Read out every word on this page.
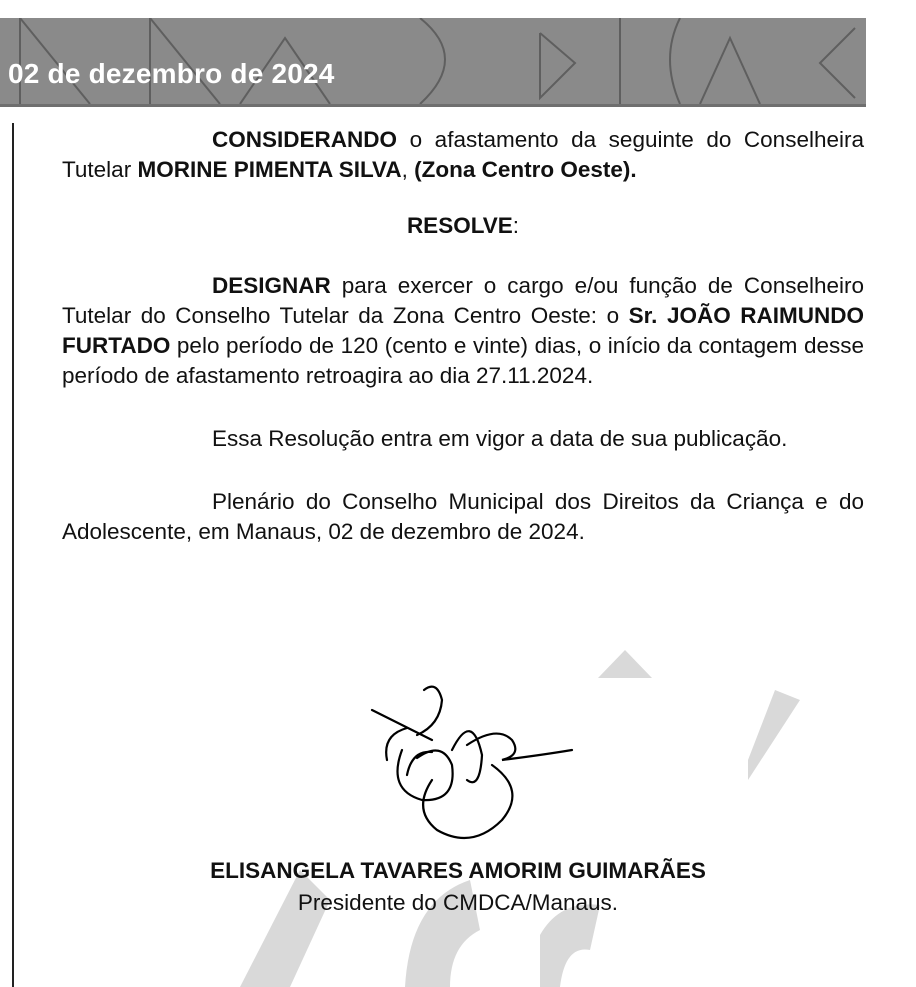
02 de dezembro de 2024

CONSIDERANDO o afastamento da seguinte do Conselheira Tutelar MORINE PIMENTA SILVA, (Zona Centro Oeste).

RESOLVE:

DESIGNAR para exercer o cargo e/ou função de Conselheiro Tutelar do Conselho Tutelar da Zona Centro Oeste: o Sr. JOÃO RAIMUNDO FURTADO pelo período de 120 (cento e vinte) dias, o início da contagem desse período de afastamento retroagira ao dia 27.11.2024.

Essa Resolução entra em vigor a data de sua publicação.

Plenário do Conselho Municipal dos Direitos da Criança e do Adolescente, em Manaus, 02 de dezembro de 2024.

ELISANGELA TAVARES AMORIM GUIMARÃES
Presidente do CMDCA/Manaus.
